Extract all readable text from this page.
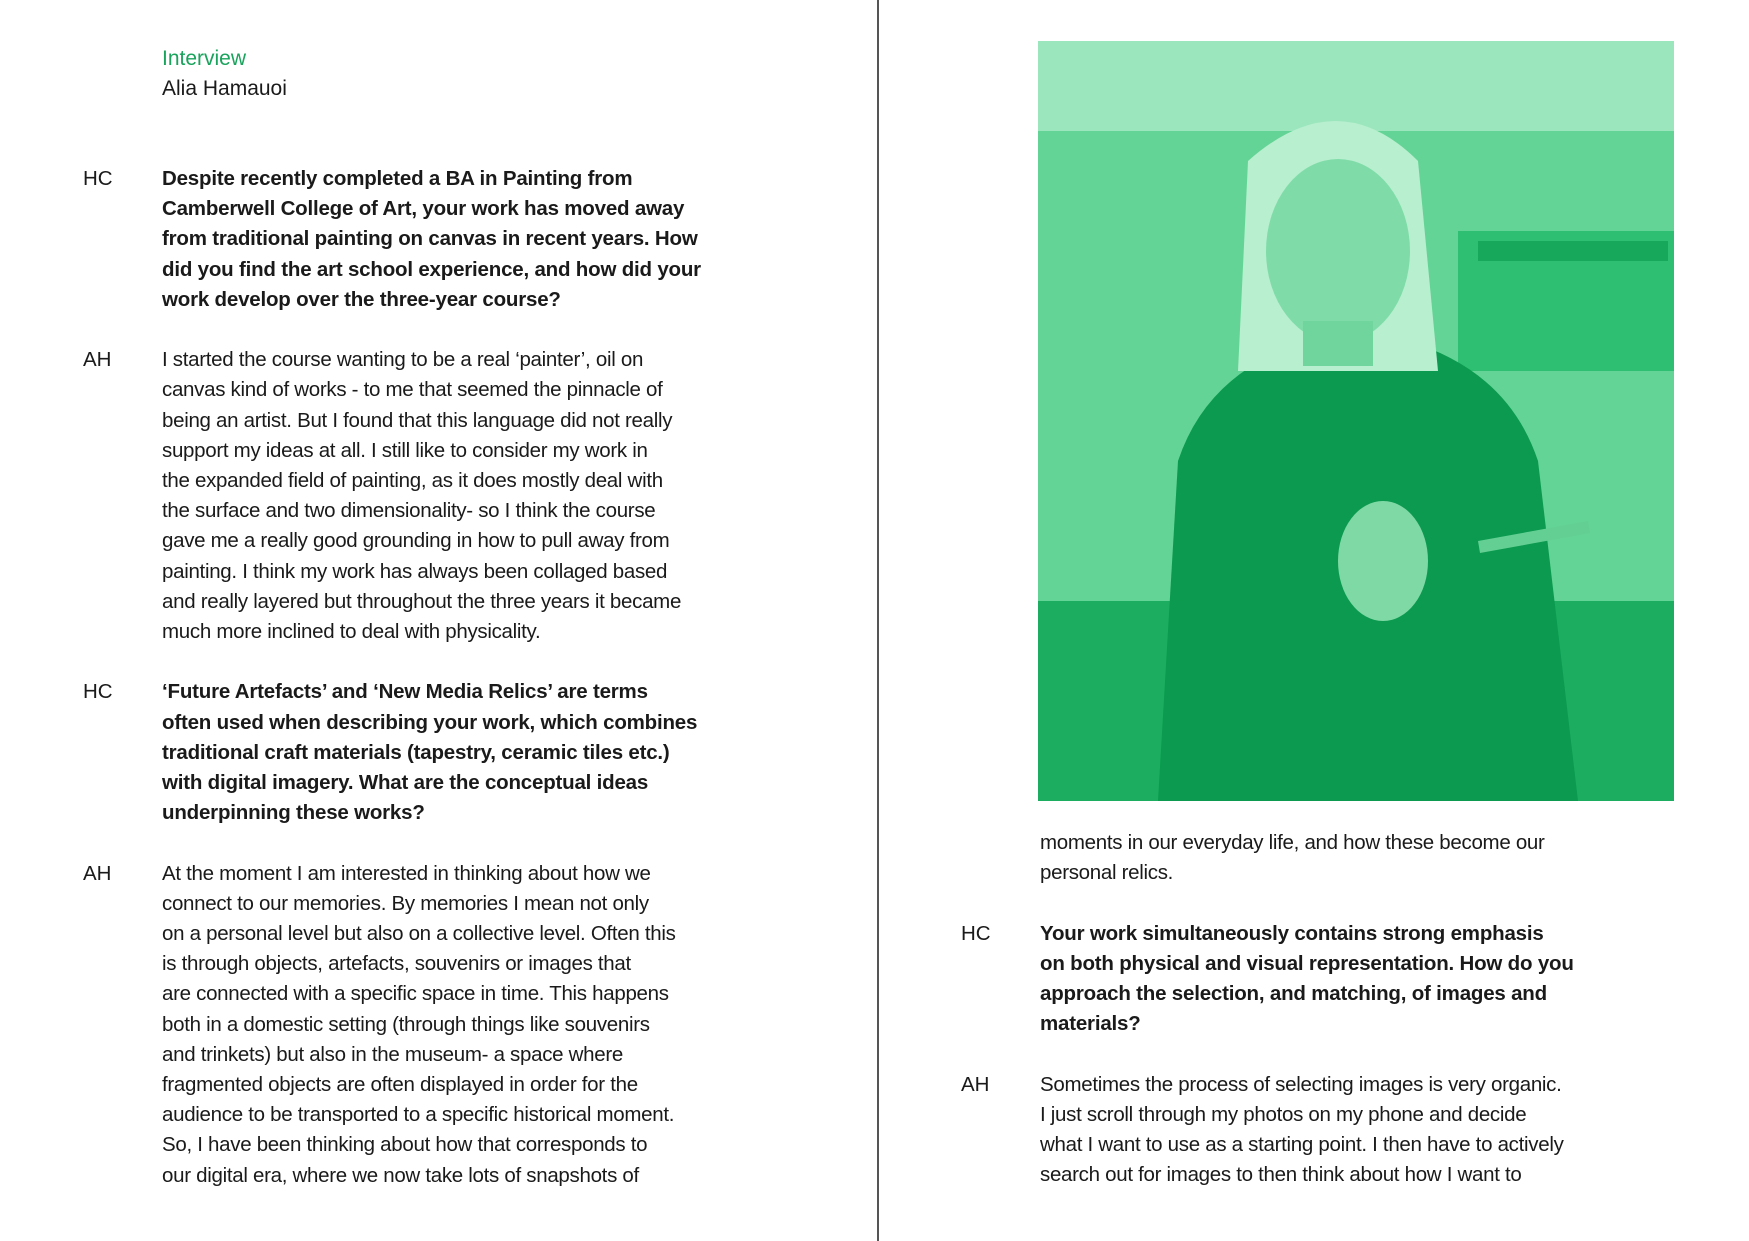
Interview
Alia Hamauoi
HC	Despite recently completed a BA in Painting from
Camberwell College of Art, your work has moved away
from traditional painting on canvas in recent years. How
did you find the art school experience, and how did your
work develop over the three-year course?
AH	I started the course wanting to be a real ‘painter’, oil on
canvas kind of works - to me that seemed the pinnacle of
being an artist. But I found that this language did not really
support my ideas at all. I still like to consider my work in
the expanded field of painting, as it does mostly deal with
the surface and two dimensionality- so I think the course
gave me a really good grounding in how to pull away from
painting. I think my work has always been collaged based
and really layered but throughout the three years it became
much more inclined to deal with physicality.
HC	‘Future Artefacts’ and ‘New Media Relics’ are terms
often used when describing your work, which combines
traditional craft materials (tapestry, ceramic tiles etc.)
with digital imagery. What are the conceptual ideas
underpinning these works?
AH	At the moment I am interested in thinking about how we
connect to our memories. By memories I mean not only
on a personal level but also on a collective level. Often this
is through objects, artefacts, souvenirs or images that
are connected with a specific space in time. This happens
both in a domestic setting (through things like souvenirs
and trinkets) but also in the museum- a space where
fragmented objects are often displayed in order for the
audience to be transported to a specific historical moment.
So, I have been thinking about how that corresponds to
our digital era, where we now take lots of snapshots of
moments in our everyday life, and how these become our
personal relics.
HC	Your work simultaneously contains strong emphasis
on both physical and visual representation. How do you
approach the selection, and matching, of images and
materials?
AH	Sometimes the process of selecting images is very organic.
I just scroll through my photos on my phone and decide
what I want to use as a starting point. I then have to actively
search out for images to then think about how I want to
